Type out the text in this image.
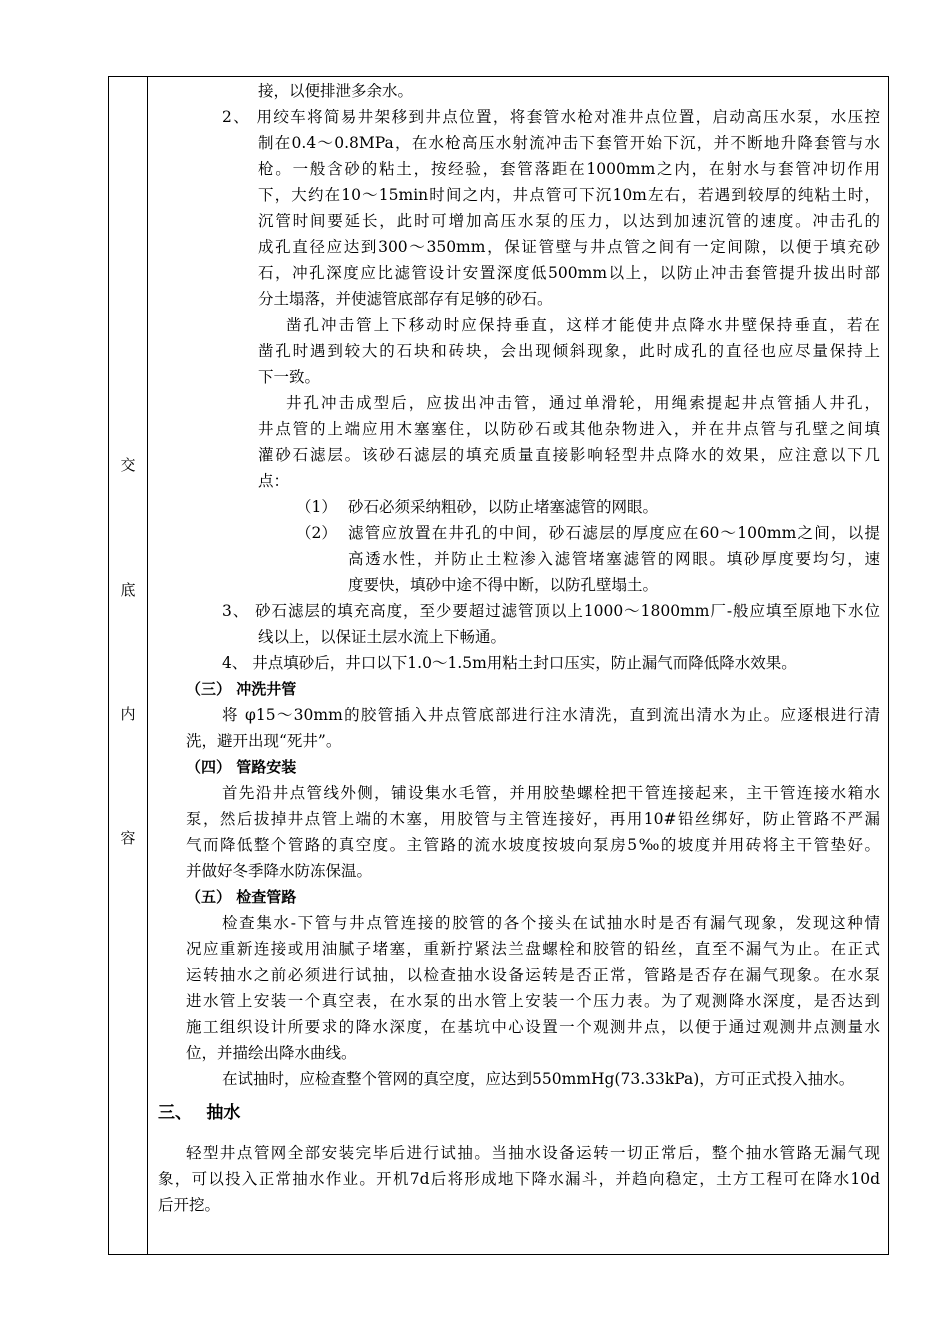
交
底
内
容
接，以便排泄多余水。
2、 用绞车将简易井架移到井点位置，将套管水枪对准井点位置，启动高压水泵，水压控
制在0.4～0.8MPa，在水枪高压水射流冲击下套管开始下沉，并不断地升降套管与水
枪。一般含砂的粘土，按经验，套管落距在1000mm之内，在射水与套管冲切作用
下，大约在10～15min时间之内，井点管可下沉10m左右，若遇到较厚的纯粘土时，
沉管时间要延长，此时可增加高压水泵的压力，以达到加速沉管的速度。冲击孔的
成孔直径应达到300～350mm，保证管壁与井点管之间有一定间隙，以便于填充砂
石，冲孔深度应比滤管设计安置深度低500mm以上，以防止冲击套管提升拔出时部
分土塌落，并使滤管底部存有足够的砂石。
凿孔冲击管上下移动时应保持垂直，这样才能使井点降水井壁保持垂直，若在
凿孔时遇到较大的石块和砖块，会出现倾斜现象，此时成孔的直径也应尽量保持上
下一致。
井孔冲击成型后，应拔出冲击管，通过单滑轮，用绳索提起井点管插人井孔，
井点管的上端应用木塞塞住，以防砂石或其他杂物进入，并在井点管与孔壁之间填
灌砂石滤层。该砂石滤层的填充质量直接影响轻型井点降水的效果，应注意以下几
点：
（1） 砂石必须采纳粗砂，以防止堵塞滤管的网眼。
（2） 滤管应放置在井孔的中间，砂石滤层的厚度应在60～100mm之间，以提
高透水性，并防止土粒渗入滤管堵塞滤管的网眼。填砂厚度要均匀，速
度要快，填砂中途不得中断，以防孔壁塌土。
3、 砂石滤层的填充高度，至少要超过滤管顶以上1000～1800mm厂-般应填至原地下水位
线以上，以保证土层水流上下畅通。
4、 井点填砂后，井口以下1.0～1.5m用粘土封口压实，防止漏气而降低降水效果。
（三） 冲洗井管
将 φ15～30mm的胶管插入井点管底部进行注水清洗，直到流出清水为止。应逐根进行清
洗，避开出现“死井”。
（四） 管路安装
首先沿井点管线外侧，铺设集水毛管，并用胶垫螺栓把干管连接起来，主干管连接水箱水
泵，然后拔掉井点管上端的木塞，用胶管与主管连接好，再用10#铅丝绑好，防止管路不严漏
气而降低整个管路的真空度。主管路的流水坡度按坡向泵房5‰的坡度并用砖将主干管垫好。
并做好冬季降水防冻保温。
（五） 检查管路
检查集水-下管与井点管连接的胶管的各个接头在试抽水时是否有漏气现象，发现这种情
况应重新连接或用油腻子堵塞，重新拧紧法兰盘螺栓和胶管的铅丝，直至不漏气为止。在正式
运转抽水之前必须进行试抽，以检查抽水设备运转是否正常，管路是否存在漏气现象。在水泵
进水管上安装一个真空表，在水泵的出水管上安装一个压力表。为了观测降水深度，是否达到
施工组织设计所要求的降水深度，在基坑中心设置一个观测井点，以便于通过观测井点测量水
位，并描绘出降水曲线。
在试抽时，应检查整个管网的真空度，应达到550mmHg(73.33kPa)，方可正式投入抽水。
三、　 抽水
轻型井点管网全部安装完毕后进行试抽。当抽水设备运转一切正常后，整个抽水管路无漏气现
象，可以投入正常抽水作业。开机7d后将形成地下降水漏斗，并趋向稳定，土方工程可在降水10d
后开挖。
